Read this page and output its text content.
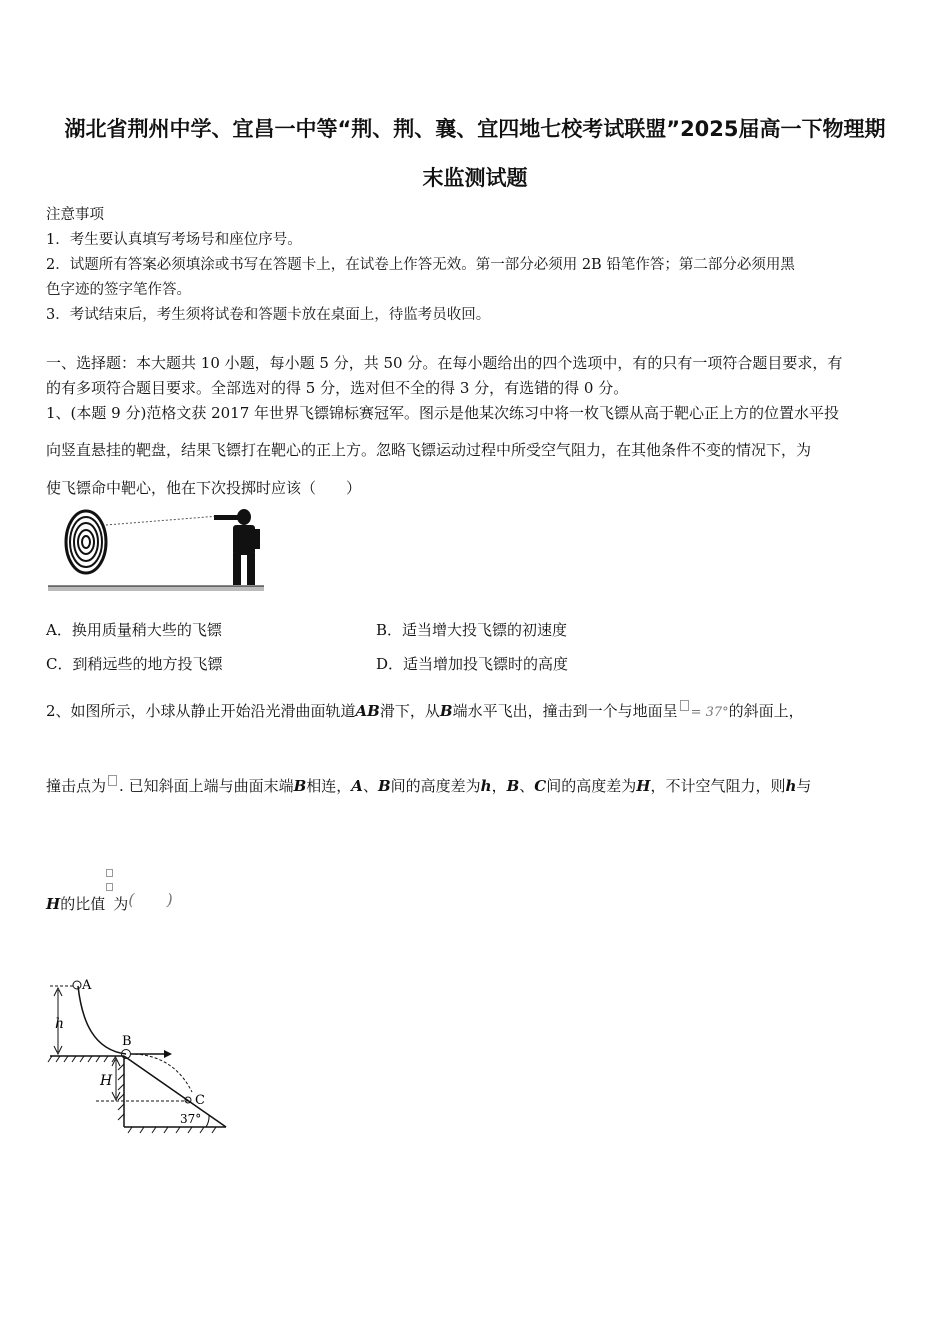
湖北省荆州中学、宜昌一中等“荆、荆、襄、宜四地七校考试联盟”2025届高一下物理期
末监测试题
注意事项
1．考生要认真填写考场号和座位序号。
2．试题所有答案必须填涂或书写在答题卡上，在试卷上作答无效。第一部分必须用 2B 铅笔作答；第二部分必须用黑
色字迹的签字笔作答。
3．考试结束后，考生须将试卷和答题卡放在桌面上，待监考员收回。
一、选择题：本大题共 10 小题，每小题 5 分，共 50 分。在每小题给出的四个选项中，有的只有一项符合题目要求，有
的有多项符合题目要求。全部选对的得 5 分，选对但不全的得 3 分，有选错的得 0 分。
1、(本题 9 分)范格文获 2017 年世界飞镖锦标赛冠军。图示是他某次练习中将一枚飞镖从高于靶心正上方的位置水平投
向竖直悬挂的靶盘，结果飞镖打在靶心的正上方。忽略飞镖运动过程中所受空气阻力，在其他条件不变的情况下，为
使飞镖命中靶心，他在下次投掷时应该（　　）
A．换用质量稍大些的飞镖	B．适当增大投飞镖的初速度
C．到稍远些的地方投飞镖	D．适当增加投飞镖时的高度
2、如图所示，小球从静止开始沿光滑曲面轨道AB滑下，从B端水平飞出，撞击到一个与地面呈 = 37°的斜面上，
撞击点为 . 已知斜面上端与曲面末端B相连，A、B间的高度差为h，B、C间的高度差为H，不计空气阻力，则h与
H的比值 为(　　)
h
A
B
H
C
37°
